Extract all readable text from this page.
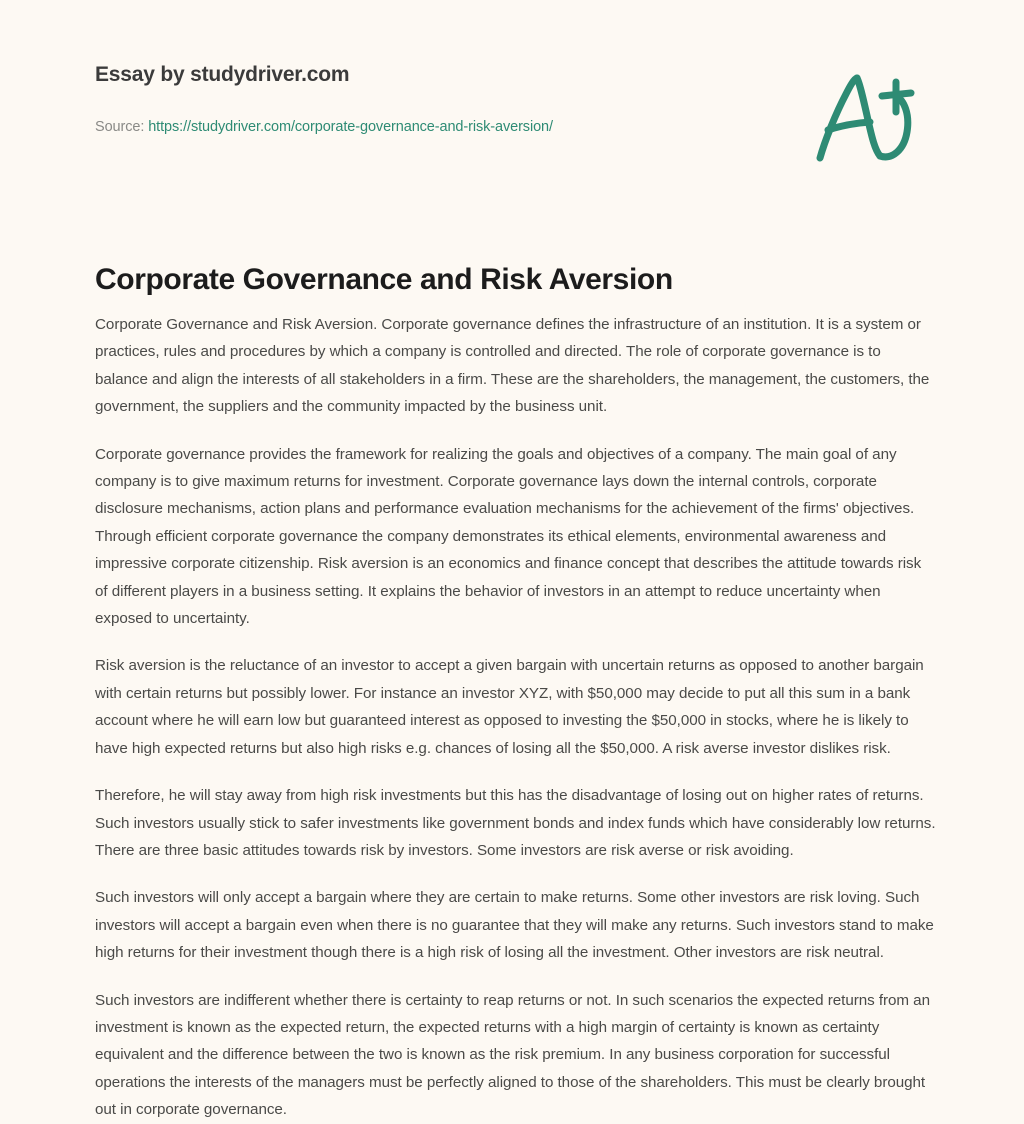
Essay by studydriver.com
Source: https://studydriver.com/corporate-governance-and-risk-aversion/
Corporate Governance and Risk Aversion

Corporate Governance and Risk Aversion. Corporate governance defines the infrastructure of an institution. It is a system or practices, rules and procedures by which a company is controlled and directed. The role of corporate governance is to balance and align the interests of all stakeholders in a firm. These are the shareholders, the management, the customers, the government, the suppliers and the community impacted by the business unit.

Corporate governance provides the framework for realizing the goals and objectives of a company. The main goal of any company is to give maximum returns for investment. Corporate governance lays down the internal controls, corporate disclosure mechanisms, action plans and performance evaluation mechanisms for the achievement of the firms' objectives. Through efficient corporate governance the company demonstrates its ethical elements, environmental awareness and impressive corporate citizenship. Risk aversion is an economics and finance concept that describes the attitude towards risk of different players in a business setting. It explains the behavior of investors in an attempt to reduce uncertainty when exposed to uncertainty.

Risk aversion is the reluctance of an investor to accept a given bargain with uncertain returns as opposed to another bargain with certain returns but possibly lower. For instance an investor XYZ, with $50,000 may decide to put all this sum in a bank account where he will earn low but guaranteed interest as opposed to investing the $50,000 in stocks, where he is likely to have high expected returns but also high risks e.g. chances of losing all the $50,000. A risk averse investor dislikes risk.

Therefore, he will stay away from high risk investments but this has the disadvantage of losing out on higher rates of returns. Such investors usually stick to safer investments like government bonds and index funds which have considerably low returns. There are three basic attitudes towards risk by investors. Some investors are risk averse or risk avoiding.

Such investors will only accept a bargain where they are certain to make returns. Some other investors are risk loving. Such investors will accept a bargain even when there is no guarantee that they will make any returns. Such investors stand to make high returns for their investment though there is a high risk of losing all the investment. Other investors are risk neutral.

Such investors are indifferent whether there is certainty to reap returns or not. In such scenarios the expected returns from an investment is known as the expected return, the expected returns with a high margin of certainty is known as certainty equivalent and the difference between the two is known as the risk premium. In any business corporation for successful operations the interests of the managers must be perfectly aligned to those of the shareholders. This must be clearly brought out in corporate governance.
